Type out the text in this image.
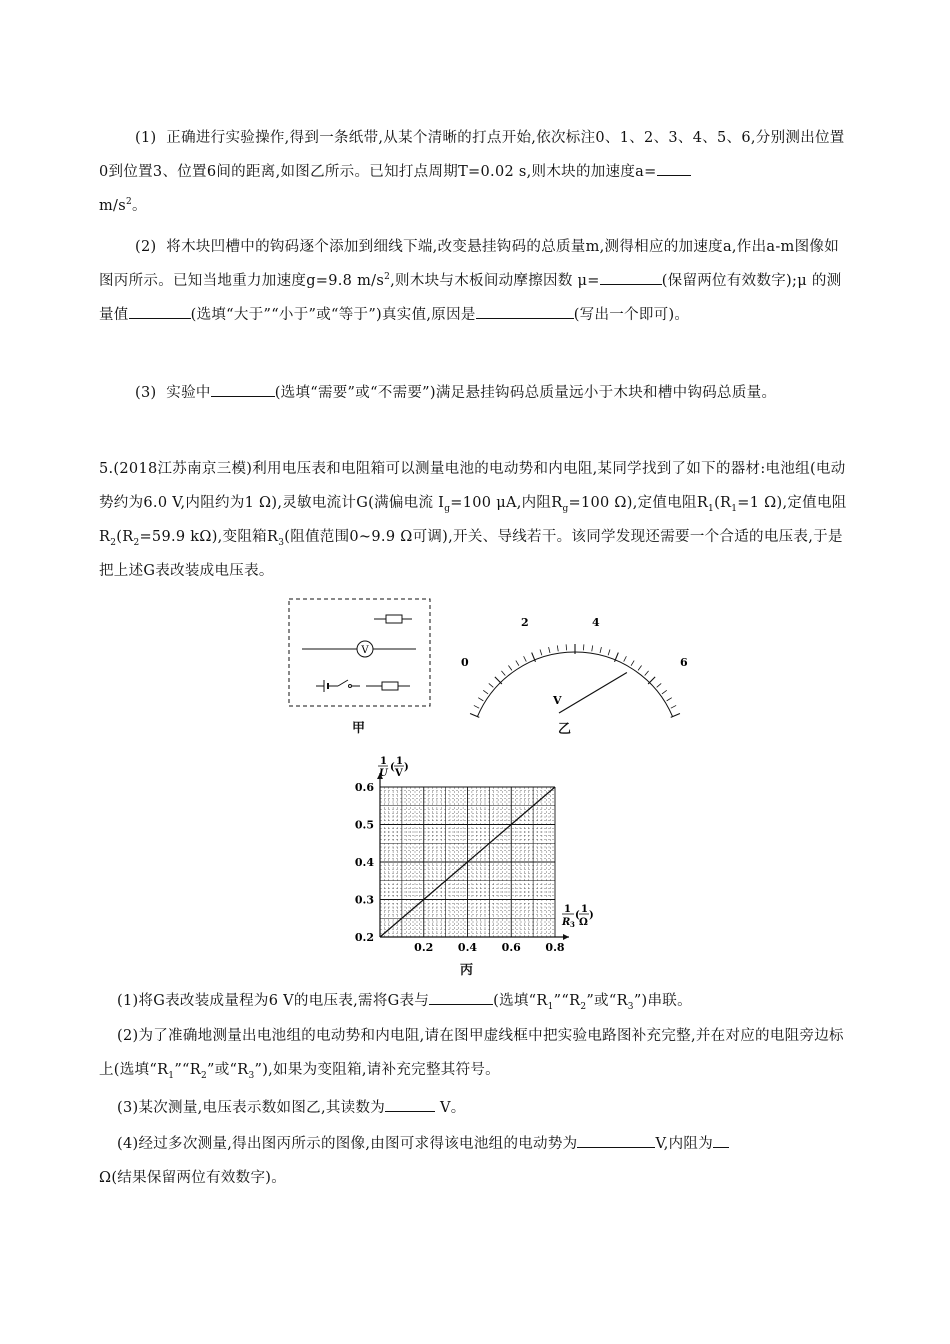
(1) 正确进行实验操作,得到一条纸带,从某个清晰的打点开始,依次标注0、1、2、3、4、5、6,分别测出位置0到位置3、位置6间的距离,如图乙所示。已知打点周期T=0.02 s,则木块的加速度a=
$m/s^2$。

(2) 将木块凹槽中的钩码逐个添加到细线下端,改变悬挂钩码的总质量m,测得相应的加速度a,作出a-m图像如图丙所示。已知当地重力加速度g=9.8 $m/s^2$,则木块与木板间动摩擦因数 μ=	(保留两位有效数字);μ 的测量值	(选填“大于”“小于”或“等于”)真实值,原因是	(写出一个即可)。

(3) 实验中	(选填“需要”或“不需要”)满足悬挂钩码总质量远小于木块和槽中钩码总质量。

5.(2018江苏南京三模)利用电压表和电阻箱可以测量电池的电动势和内电阻,某同学找到了如下的器材:电池组(电动势约为6.0 V,内阻约为1 Ω),灵敏电流计G(满偏电流 $I_g=100$ μA,内阻$R_g=100$ Ω),定值电阻$R_1(R_1=1$ Ω),定值电阻$R_2(R_2=59.9$ kΩ),变阻箱$R_3$(阻值范围0~9.9 Ω可调),开关、导线若干。该同学发现还需要一个合适的电压表,于是把上述G表改装成电压表。

V
甲
0
2	4
6
V
乙
0.2
0.3
0.4
0.5
0.6
0.2 0.4 0.6 0.8
1
U
(
1
V
)
1
R 3
(
1
Ω
)
丙

(1)将G表改装成量程为6 V的电压表,需将G表与	(选填“$R_1”“R_2$”或“$R_3$”)串联。

(2)为了准确地测量出电池组的电动势和内电阻,请在图甲虚线框中把实验电路图补充完整,并在对应的电阻旁边标上(选填“$R_1”“R_2$”或“$R_3$”),如果为变阻箱,请补充完整其符号。

(3)某次测量,电压表示数如图乙,其读数为	V。

(4)经过多次测量,得出图丙所示的图像,由图可求得该电池组的电动势为	V,内阻为
Ω(结果保留两位有效数字)。
